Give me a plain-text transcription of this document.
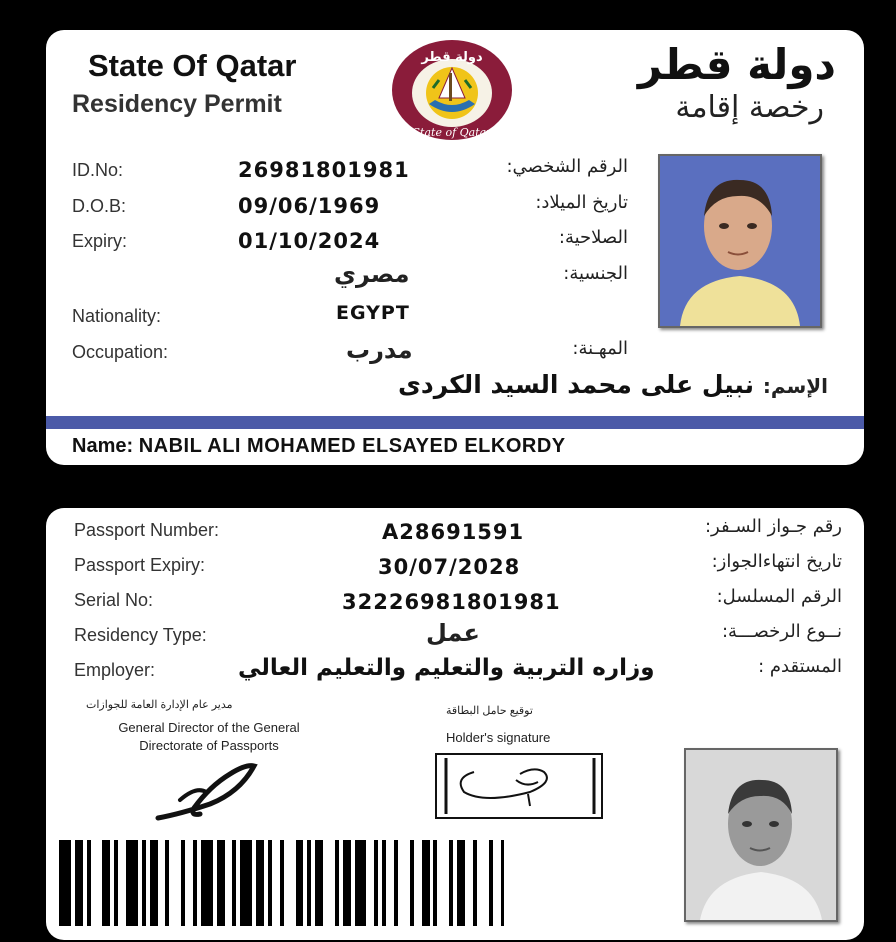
State Of Qatar
Residency Permit
دولة قطر
State of Qatar
دولة قطر
رخصة إقامة
ID.No:	26981801981	الرقم الشخصي:
D.O.B:	09/06/1969	تاريخ الميلاد:
Expiry:	01/10/2024	الصلاحية:
مصري	الجنسية:
Nationality:	EGYPT
Occupation:	مدرب	المهـنة:
الإسم:
نبيل على محمد السيد الكردى
Name: NABIL ALI MOHAMED ELSAYED ELKORDY
Passport Number:	A28691591	رقم جـواز السـفر:
Passport Expiry:	30/07/2028	تاريخ انتهاءالجواز:
Serial No:	32226981801981	الرقم المسلسل:
Residency Type:	عمل	نــوع الرخصـــة:
Employer:	وزاره التربية والتعليم والتعليم العالي	المستقدم :
مدير عام الإدارة العامة للجوازات
General Director of the General
Directorate of Passports
توقيع حامل البطاقة
Holder's signature
